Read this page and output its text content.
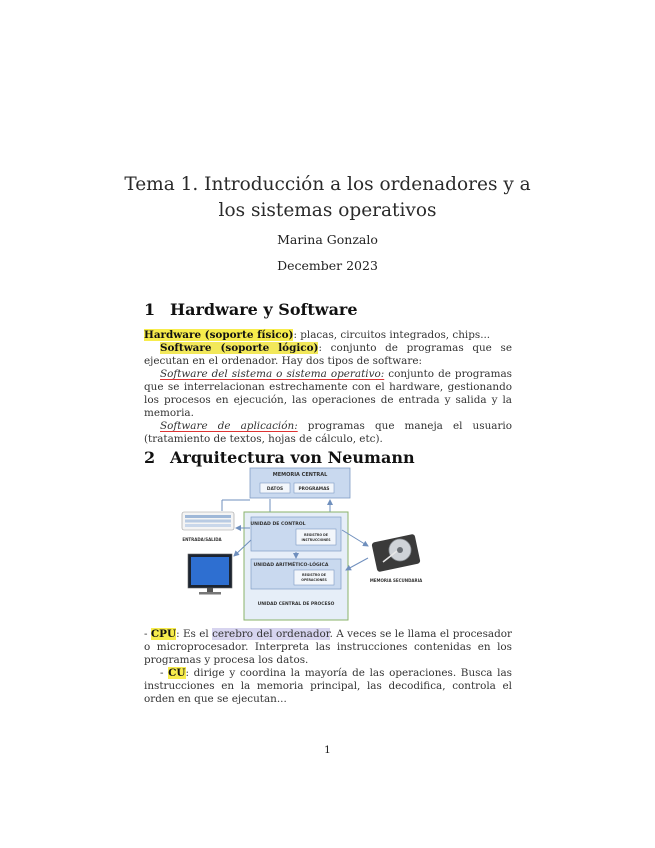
Tema 1. Introducción a los ordenadores y a los sistemas operativos
Marina Gonzalo
December 2023
1 Hardware y Software

Hardware (soporte físico): placas, circuitos integrados, chips...

Software (soporte lógico): conjunto de programas que se ejecutan en el ordenador. Hay dos tipos de software:

Software del sistema o sistema operativo: conjunto de programas que se interrelacionan estrechamente con el hardware, gestionando los procesos en ejecución, las operaciones de entrada y salida y la memoria.

Software de aplicación: programas que maneja el usuario (tratamiento de textos, hojas de cálculo, etc).

2 Arquitectura von Neumann
MEMORIA CENTRAL
DATOS	PROGRAMAS
UNIDAD DE CONTROL
REGISTRO DE
INSTRUCCIONES
UNIDAD ARITMÉTICO-LÓGICA
REGISTRO DE
OPERACIONES
UNIDAD CENTRAL DE PROCESO
ENTRADA/SALIDA
MEMORIA SECUNDARIA

- CPU: Es el cerebro del ordenador. A veces se le llama el procesador o microprocesador. Interpreta las instrucciones contenidas en los programas y procesa los datos.

- CU: dirige y coordina la mayoría de las operaciones. Busca las instrucciones en la memoria principal, las decodifica, controla el orden en que se ejecutan...

1
